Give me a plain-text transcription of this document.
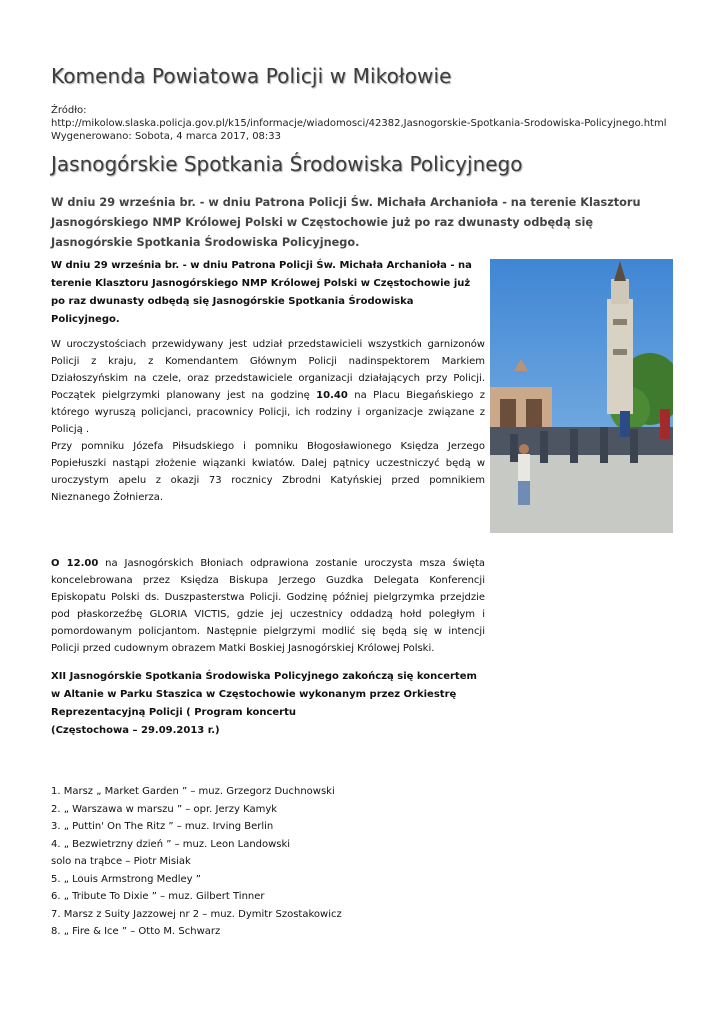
Komenda Powiatowa Policji w Mikołowie
Źródło:
http://mikolow.slaska.policja.gov.pl/k15/informacje/wiadomosci/42382,Jasnogorskie-Spotkania-Srodowiska-Policyjnego.html
Wygenerowano: Sobota, 4 marca 2017, 08:33
Jasnogórskie Spotkania Środowiska Policyjnego
W dniu 29 września br. - w dniu Patrona Policji Św. Michała Archanioła - na terenie Klasztoru Jasnogórskiego NMP Królowej Polski w Częstochowie już po raz dwunasty odbędą się Jasnogórskie Spotkania Środowiska Policyjnego.
W dniu 29 września br. - w dniu Patrona Policji Św. Michała Archanioła - na terenie Klasztoru Jasnogórskiego NMP Królowej Polski w Częstochowie już po raz dwunasty odbędą się Jasnogórskie Spotkania Środowiska Policyjnego.
W uroczystościach przewidywany jest udział przedstawicieli wszystkich garnizonów Policji z kraju, z Komendantem Głównym Policji nadinspektorem Markiem Działoszyńskim na czele, oraz przedstawiciele organizacji działających przy Policji. Początek pielgrzymki planowany jest na godzinę 10.40 na Placu Biegańskiego z którego wyruszą policjanci, pracownicy Policji, ich rodziny i organizacje związane z Policją .
Przy pomniku Józefa Piłsudskiego i pomniku Błogosławionego Księdza Jerzego Popiełuszki nastąpi złożenie wiązanki kwiatów. Dalej pątnicy uczestniczyć będą w uroczystym apelu z okazji 73 rocznicy Zbrodni Katyńskiej przed pomnikiem Nieznanego Żołnierza.
O 12.00 na Jasnogórskich Błoniach odprawiona zostanie uroczysta msza święta koncelebrowana przez Księdza Biskupa Jerzego Guzdka Delegata Konferencji Episkopatu Polski ds. Duszpasterstwa Policji. Godzinę później pielgrzymka przejdzie pod płaskorzeźbę GLORIA VICTIS, gdzie jej uczestnicy oddadzą hołd poległym i pomordowanym policjantom. Następnie pielgrzymi modlić się będą się w intencji Policji przed cudownym obrazem Matki Boskiej Jasnogórskiej Królowej Polski.
XII Jasnogórskie Spotkania Środowiska Policyjnego zakończą się koncertem w Altanie w Parku Staszica w Częstochowie wykonanym przez Orkiestrę Reprezentacyjną Policji ( Program koncertu
(Częstochowa – 29.09.2013 r.)
1. Marsz „ Market Garden ” – muz. Grzegorz Duchnowski
2. „ Warszawa w marszu ” – opr. Jerzy Kamyk
3. „ Puttin' On The Ritz ” – muz. Irving Berlin
4. „ Bezwietrzny dzień ” – muz. Leon Landowski
solo na trąbce – Piotr Misiak
5. „ Louis Armstrong Medley ”
6. „ Tribute To Dixie ” – muz. Gilbert Tinner
7. Marsz z Suity Jazzowej nr 2 – muz. Dymitr Szostakowicz
8. „ Fire & Ice ” – Otto M. Schwarz
